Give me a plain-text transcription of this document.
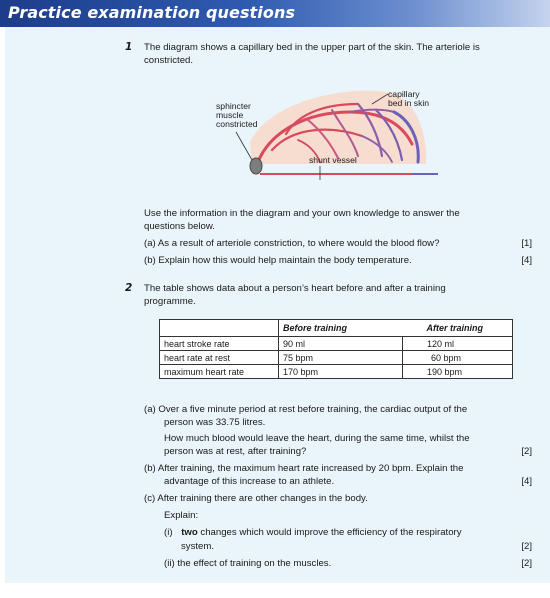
Practice examination questions
1 The diagram shows a capillary bed in the upper part of the skin. The arteriole is
constricted.
sphincter
muscle
constricted
capillary
bed in skin
shunt vessel
Use the information in the diagram and your own knowledge to answer the
questions below.
(a) As a result of arteriole constriction, to where would the blood flow?	[1]
(b) Explain how this would help maintain the body temperature.	[4]
2 The table shows data about a person’s heart before and after a training
programme.
	Before training	After training
heart stroke rate	90 ml	120 ml
heart rate at rest	75 bpm	60 bpm
maximum heart rate	170 bpm	190 bpm
(a) Over a five minute period at rest before training, the cardiac output of the
person was 33.75 litres.
How much blood would leave the heart, during the same time, whilst the
person was at rest, after training?	[2]
(b) After training, the maximum heart rate increased by 20 bpm. Explain the
advantage of this increase to an athlete.	[4]
(c) After training there are other changes in the body.
Explain:
(i) two changes which would improve the efficiency of the respiratory
system.	[2]
(ii) the effect of training on the muscles.	[2]
